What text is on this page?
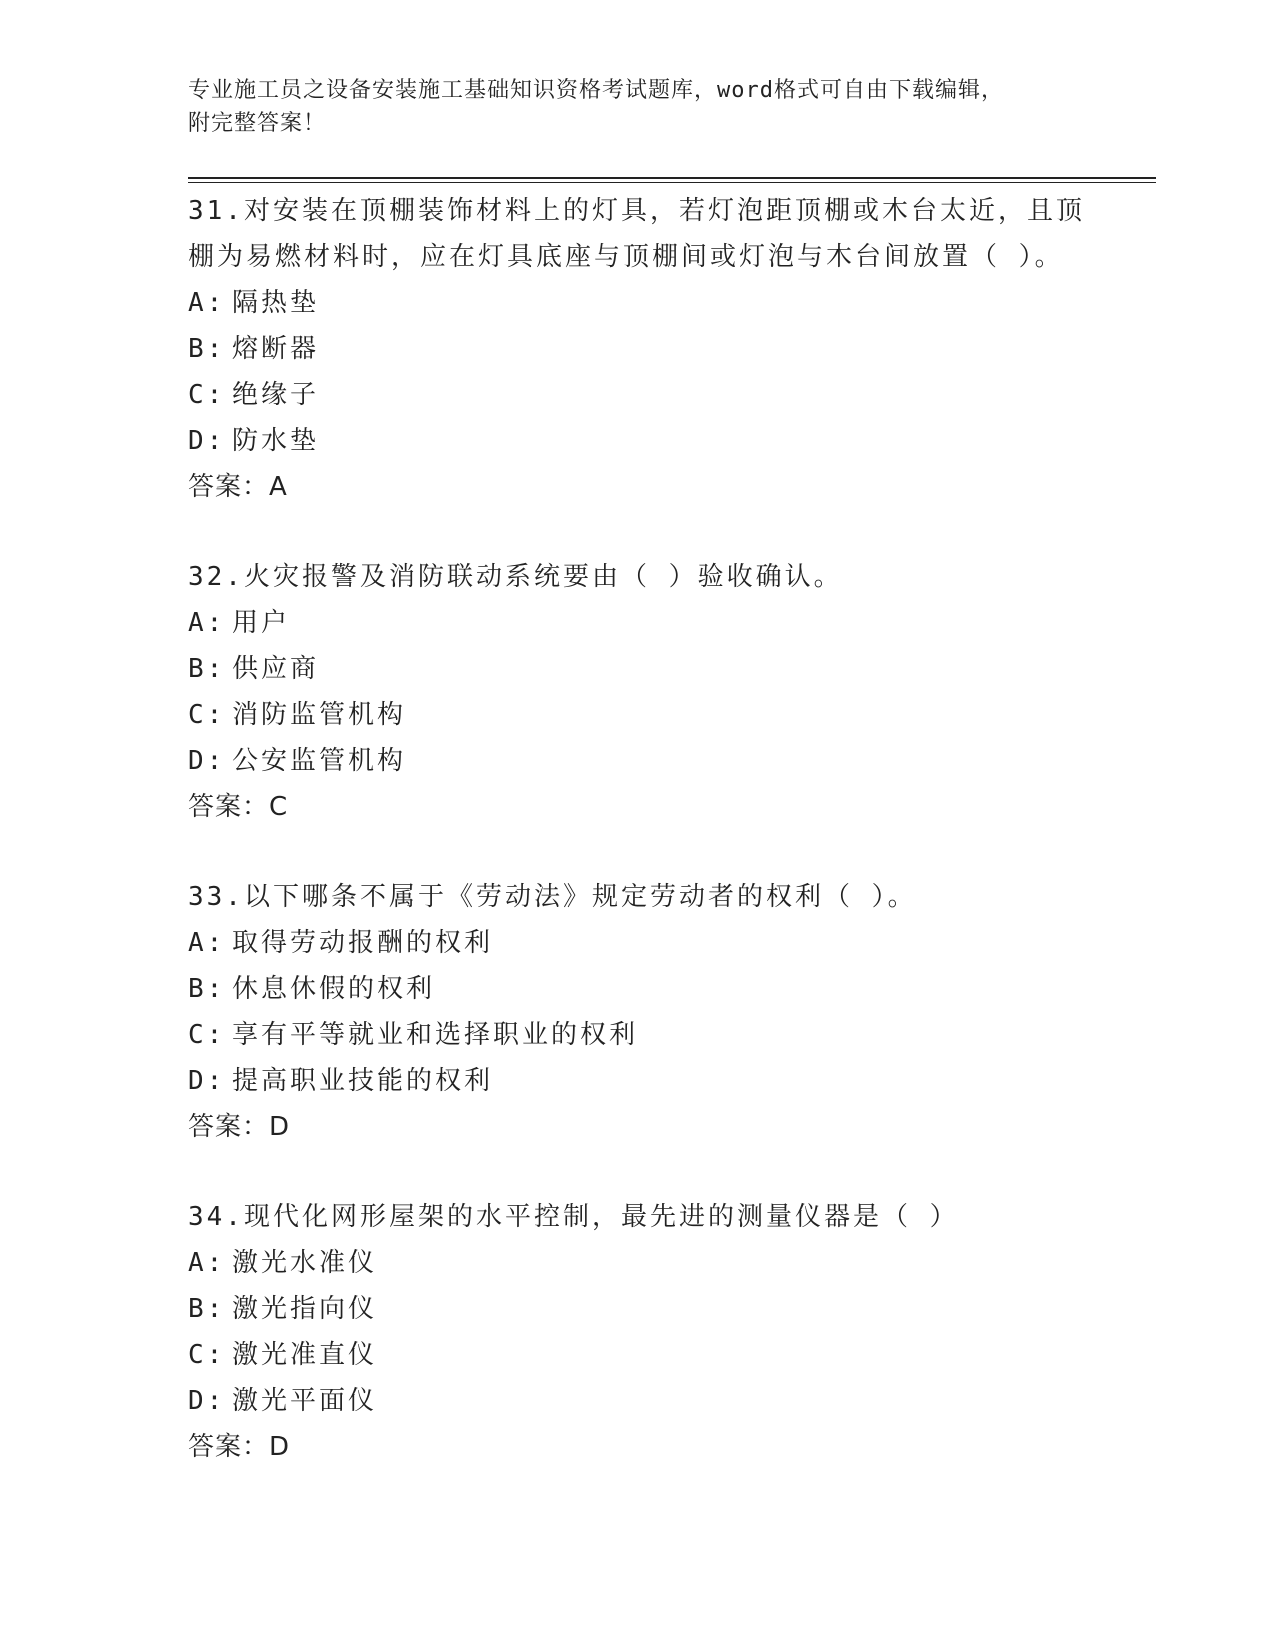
专业施工员之设备安装施工基础知识资格考试题库，word格式可自由下载编辑，
附完整答案！

31.对安装在顶棚装饰材料上的灯具，若灯泡距顶棚或木台太近，且顶

棚为易燃材料时，应在灯具底座与顶棚间或灯泡与木台间放置（ ）。

A: 隔热垫

B: 熔断器

C: 绝缘子

D: 防水垫

答案：A

32.火灾报警及消防联动系统要由（ ）验收确认。

A: 用户

B: 供应商

C: 消防监管机构

D: 公安监管机构

答案：C

33.以下哪条不属于《劳动法》规定劳动者的权利（ ）。

A: 取得劳动报酬的权利

B: 休息休假的权利

C: 享有平等就业和选择职业的权利

D: 提高职业技能的权利

答案：D

34.现代化网形屋架的水平控制，最先进的测量仪器是（ ）

A: 激光水准仪

B: 激光指向仪

C: 激光准直仪

D: 激光平面仪

答案：D
